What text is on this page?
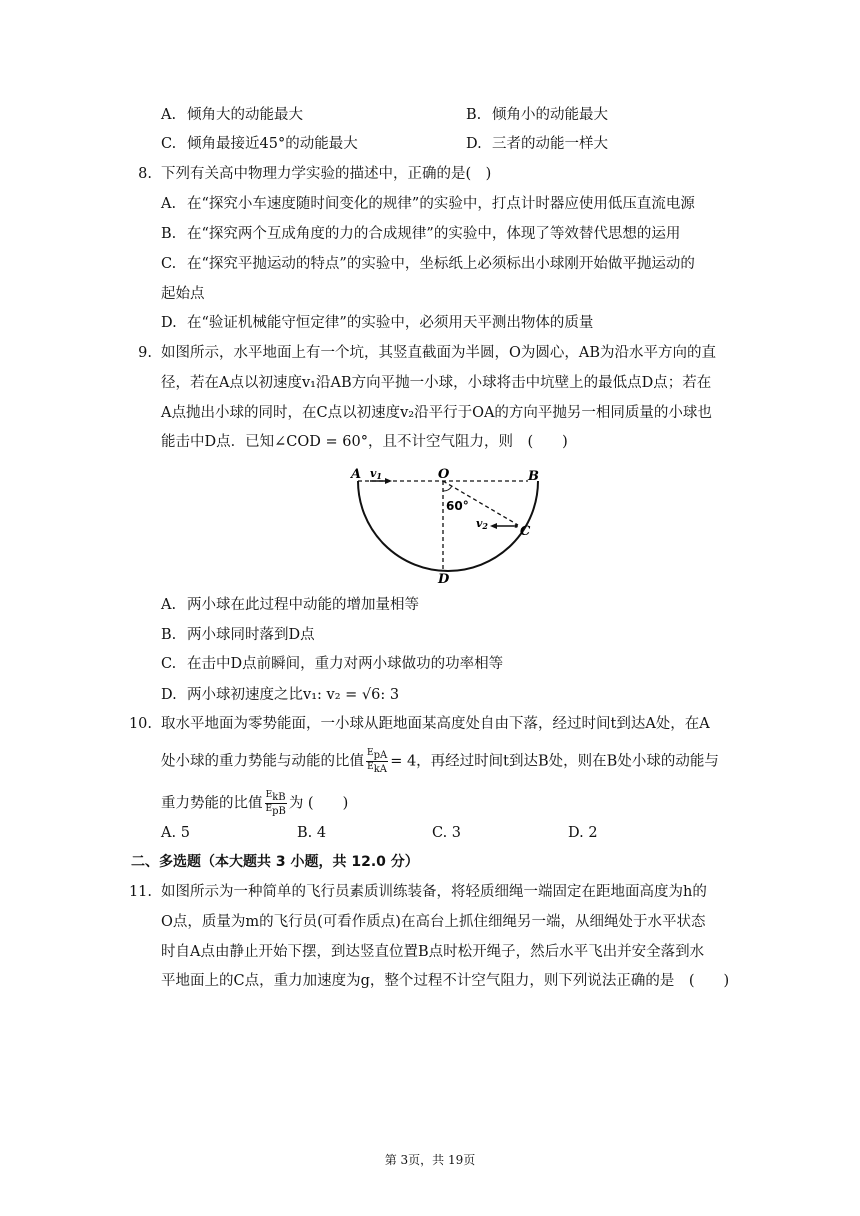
A. 倾角大的动能最大	B. 倾角小的动能最大
C. 倾角最接近45°的动能最大	D. 三者的动能一样大
8. 下列有关高中物理力学实验的描述中，正确的是(　)
A. 在“探究小车速度随时间变化的规律”的实验中，打点计时器应使用低压直流电源
B. 在“探究两个互成角度的力的合成规律”的实验中，体现了等效替代思想的运用
C. 在“探究平抛运动的特点”的实验中，坐标纸上必须标出小球刚开始做平抛运动的
起始点
D. 在“验证机械能守恒定律”的实验中，必须用天平测出物体的质量
9. 如图所示，水平地面上有一个坑，其竖直截面为半圆，O为圆心，AB为沿水平方向的直
径，若在A点以初速度v₁沿AB方向平抛一小球，小球将击中坑壁上的最低点D点；若在
A点抛出小球的同时，在C点以初速度v₂沿平行于OA的方向平抛另一相同质量的小球也
能击中D点．已知∠COD = 60°，且不计空气阻力，则　(　　)
A v1	O	B
60°
v2 C
D
A. 两小球在此过程中动能的增加量相等
B. 两小球同时落到D点
C. 在击中D点前瞬间，重力对两小球做功的功率相等
D. 两小球初速度之比v₁: v₂ = √6: 3
10. 取水平地面为零势能面，一小球从距地面某高度处自由下落，经过时间t到达A处，在A
处小球的重力势能与动能的比值 $\frac{E_{pA}}{E_{kA}} = 4$，再经过时间t到达B处，则在B处小球的动能与
重力势能的比值 $\frac{E_{kB}}{E_{pB}}$ 为 (　　)
A. 5	B. 4	C. 3	D. 2
二、多选题（本大题共 3 小题，共 12.0 分）
11. 如图所示为一种简单的飞行员素质训练装备，将轻质细绳一端固定在距地面高度为h的
O点，质量为m的飞行员(可看作质点)在高台上抓住细绳另一端，从细绳处于水平状态
时自A点由静止开始下摆，到达竖直位置B点时松开绳子，然后水平飞出并安全落到水
平地面上的C点，重力加速度为g，整个过程不计空气阻力，则下列说法正确的是　(　　)
第 3页，共 19页
